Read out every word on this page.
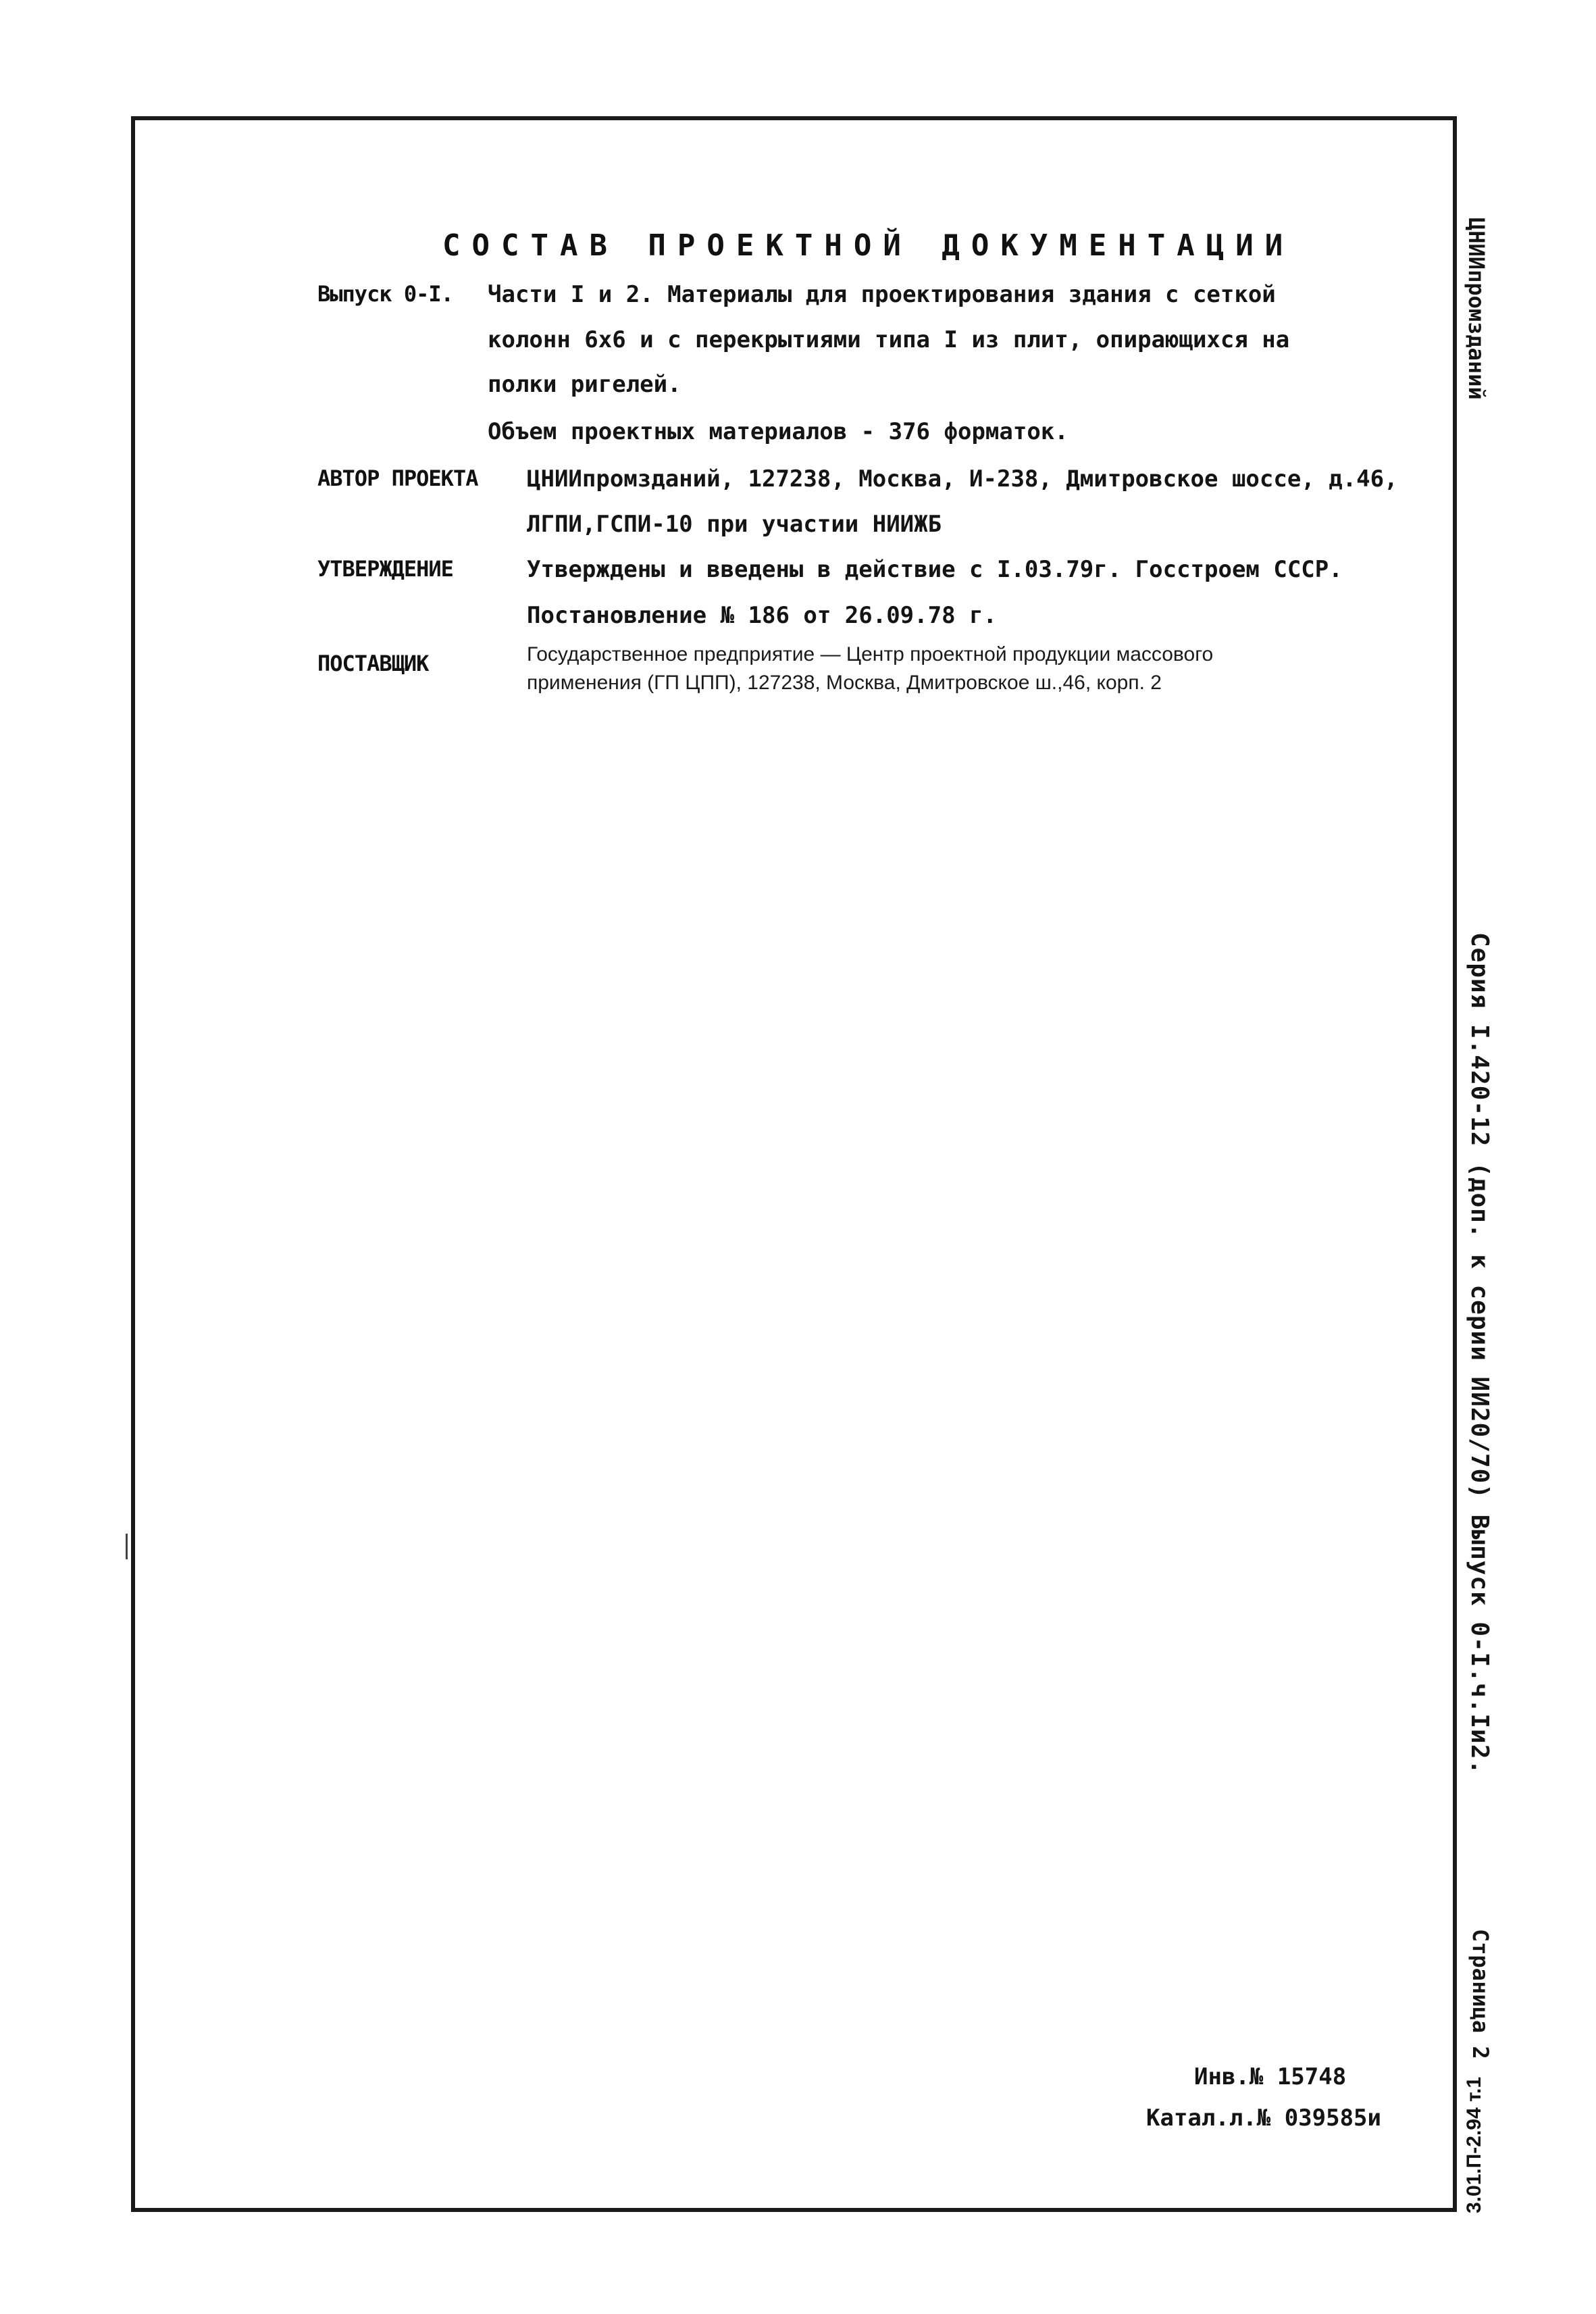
СОСТАВ ПРОЕКТНОЙ ДОКУМЕНТАЦИИ
Выпуск 0-I. Части I и 2. Материалы для проектирования здания с сеткой
колонн 6х6 и с перекрытиями типа I из плит, опирающихся на
полки ригелей.
Объем проектных материалов - 376 форматок.
АВТОР ПРОЕКТА ЦНИИпромзданий, 127238, Москва, И-238, Дмитровское шоссе, д.46,
ЛГПИ,ГСПИ-10 при участии НИИЖБ
УТВЕРЖДЕНИЕ	Утверждены и введены в действие с I.03.79г. Госстроем СССР.
Постановление № 186 от 26.09.78 г.
ПОСТАВЩИК	Государственное предприятие — Центр проектной продукции массового
применения (ГП ЦПП), 127238, Москва, Дмитровское ш.,46, корп. 2
Инв.№ 15748
Катал.л.№ 039585и
ЦНИИпромзданий
Серия I.420-12 (доп. к серии ИИ20/70) Выпуск 0-I.ч.Iи2.
Страница 2
3.01.П-2.94 т.1
